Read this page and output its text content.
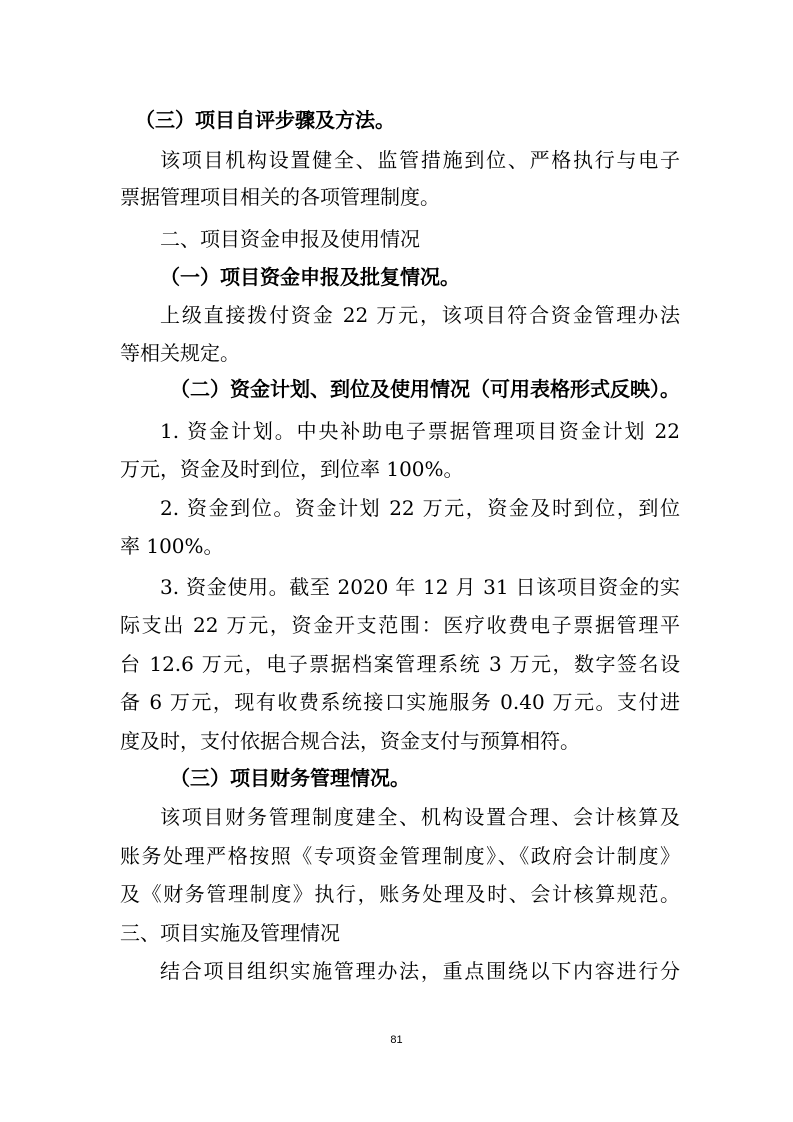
（三）项目自评步骤及方法。
该项目机构设置健全、监管措施到位、严格执行与电子
票据管理项目相关的各项管理制度。
二、项目资金申报及使用情况
（一）项目资金申报及批复情况。
上级直接拨付资金 22 万元，该项目符合资金管理办法
等相关规定。
（二）资金计划、到位及使用情况（可用表格形式反映）。
1. 资金计划。中央补助电子票据管理项目资金计划 22
万元，资金及时到位，到位率 100%。
2. 资金到位。资金计划 22 万元，资金及时到位，到位
率 100%。
3. 资金使用。截至 2020 年 12 月 31 日该项目资金的实
际支出 22 万元，资金开支范围：医疗收费电子票据管理平
台 12.6 万元，电子票据档案管理系统 3 万元，数字签名设
备 6 万元，现有收费系统接口实施服务 0.40 万元。支付进
度及时，支付依据合规合法，资金支付与预算相符。
（三）项目财务管理情况。
该项目财务管理制度建全、机构设置合理、会计核算及
账务处理严格按照《专项资金管理制度》、《政府会计制度》
及《财务管理制度》执行，账务处理及时、会计核算规范。
三、项目实施及管理情况
结合项目组织实施管理办法，重点围绕以下内容进行分
81
